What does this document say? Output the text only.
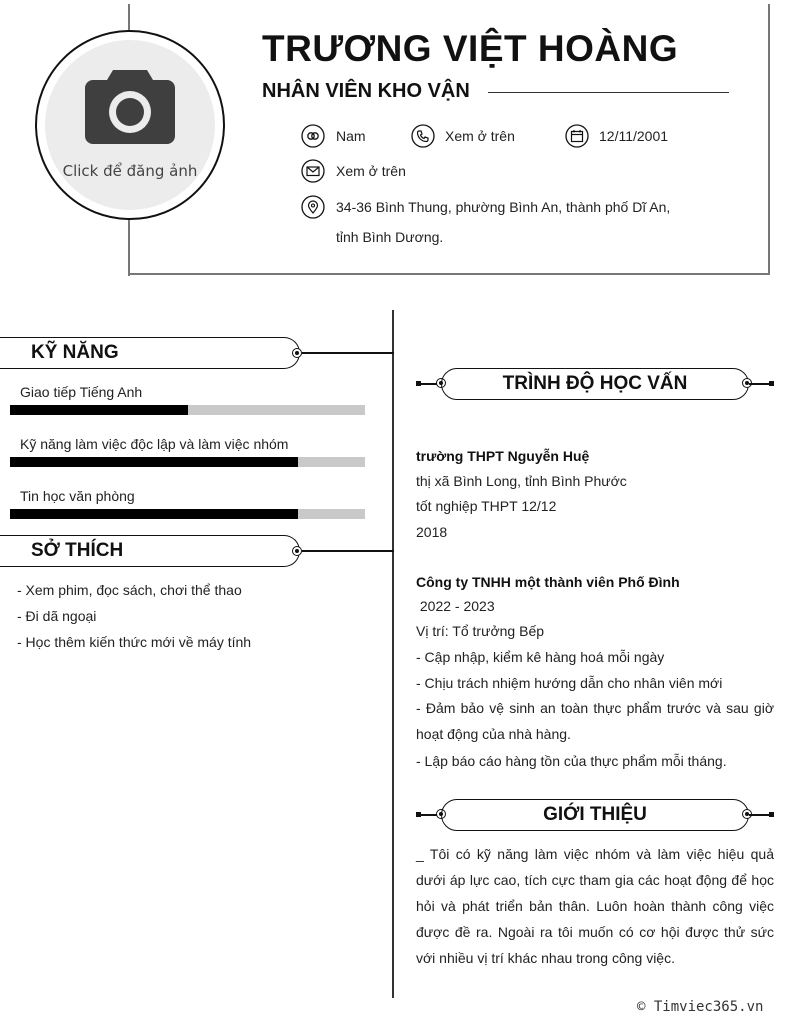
Click để đăng ảnh
TRƯƠNG VIỆT HOÀNG
NHÂN VIÊN KHO VẬN
Nam	Xem ở trên	12/11/2001
Xem ở trên
34-36 Bình Thung, phường Bình An, thành phố Dĩ An,
tỉnh Bình Dương.
KỸ NĂNG
Giao tiếp Tiếng Anh
Kỹ năng làm việc độc lập và làm việc nhóm
Tin học văn phòng
SỞ THÍCH
- Xem phim, đọc sách, chơi thể thao
- Đi dã ngoại
- Học thêm kiến thức mới về máy tính
TRÌNH ĐỘ HỌC VẤN
trường THPT Nguyễn Huệ
thị xã Bình Long, tỉnh Bình Phước
tốt nghiệp THPT 12/12
2018
Công ty TNHH một thành viên Phố Đình
2022 - 2023
Vị trí: Tổ trưởng Bếp
- Cập nhập, kiểm kê hàng hoá mỗi ngày
- Chịu trách nhiệm hướng dẫn cho nhân viên mới
- Đảm bảo vệ sinh an toàn thực phẩm trước và sau giờ hoạt động của nhà hàng.
- Lập báo cáo hàng tồn của thực phẩm mỗi tháng.
GIỚI THIỆU
_ Tôi có kỹ năng làm việc nhóm và làm việc hiệu quả dưới áp lực cao, tích cực tham gia các hoạt động để học hỏi và phát triển bản thân. Luôn hoàn thành công việc được đề ra. Ngoài ra tôi muốn có cơ hội được thử sức với nhiều vị trí khác nhau trong công việc.
© Timviec365.vn
